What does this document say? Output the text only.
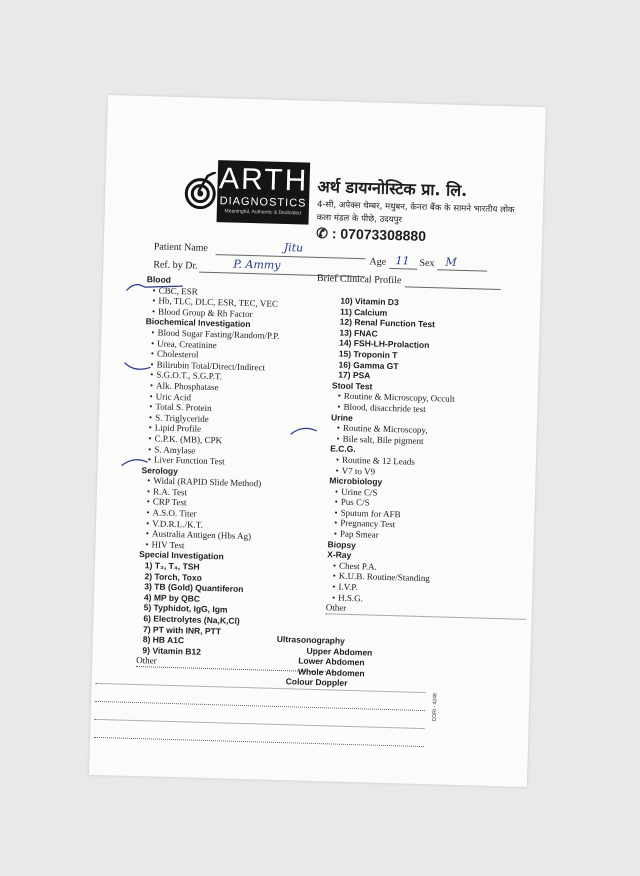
ARTH
DIAGNOSTICS
Meaningful, Authentic & Dedicated
अर्थ डायग्नोस्टिक प्रा. लि.
4-सी, अपेक्स चेम्बर, मधुबन, केनरा बैंक के सामने भारतीय लोक कला मंडल के पीछे, उदयपुर
✆ : 07073308880
Patient Name	Jitu
Ref. by Dr.	P. Ammy	Age 11 Sex M
Brief Clinical Profile
Blood
• CBC, ESR
• Hb, TLC, DLC, ESR, TEC, VEC
• Blood Group & Rh Factor
Biochemical Investigation
• Blood Sugar Fasting/Random/P.P.
• Urea, Creatinine
• Cholesterol
• Bilirubin Total/Direct/Indirect
• S.G.O.T., S.G.P.T.
• Alk. Phosphatase
• Uric Acid
• Total S. Protein
• S. Triglyceride
• Lipid Profile
• C.P.K. (MB), CPK
• S. Amylase
• Liver Function Test
Serology
• Widal (RAPID Slide Method)
• R.A. Test
• CRP Test
• A.S.O. Titer
• V.D.R.L./K.T.
• Australia Antigen (Hbs Ag)
• HIV Test
Special Investigation
1) T₃, T₄, TSH
2) Torch, Toxo
3) TB (Gold) Quantiferon
4) MP by QBC
5) Typhidot, IgG, Igm
6) Electrolytes (Na,K,Cl)
7) PT with INR, PTT
8) HB A1C
9) Vitamin B12
Other
10) Vitamin D3
11) Calcium
12) Renal Function Test
13) FNAC
14) FSH-LH-Prolaction
15) Troponin T
16) Gamma GT
17) PSA
Stool Test
• Routine & Microscopy, Occult
• Blood, disacchride test
Urine
• Routine & Microscopy,
• Bile salt, Bile pigment
E.C.G.
• Routine & 12 Leads
• V7 to V9
Microbiology
• Urine C/S
• Pus C/S
• Sputum for AFB
• Pregnancy Test
• Pap Smear
Biopsy
X-Ray
• Chest P.A.
• K.U.B. Routine/Standing
• I.V.P.
• H.S.G.
Other
Ultrasonography
Upper Abdomen
Lower Abdomen
Whole Abdomen
Colour Doppler
CORI - 4249
